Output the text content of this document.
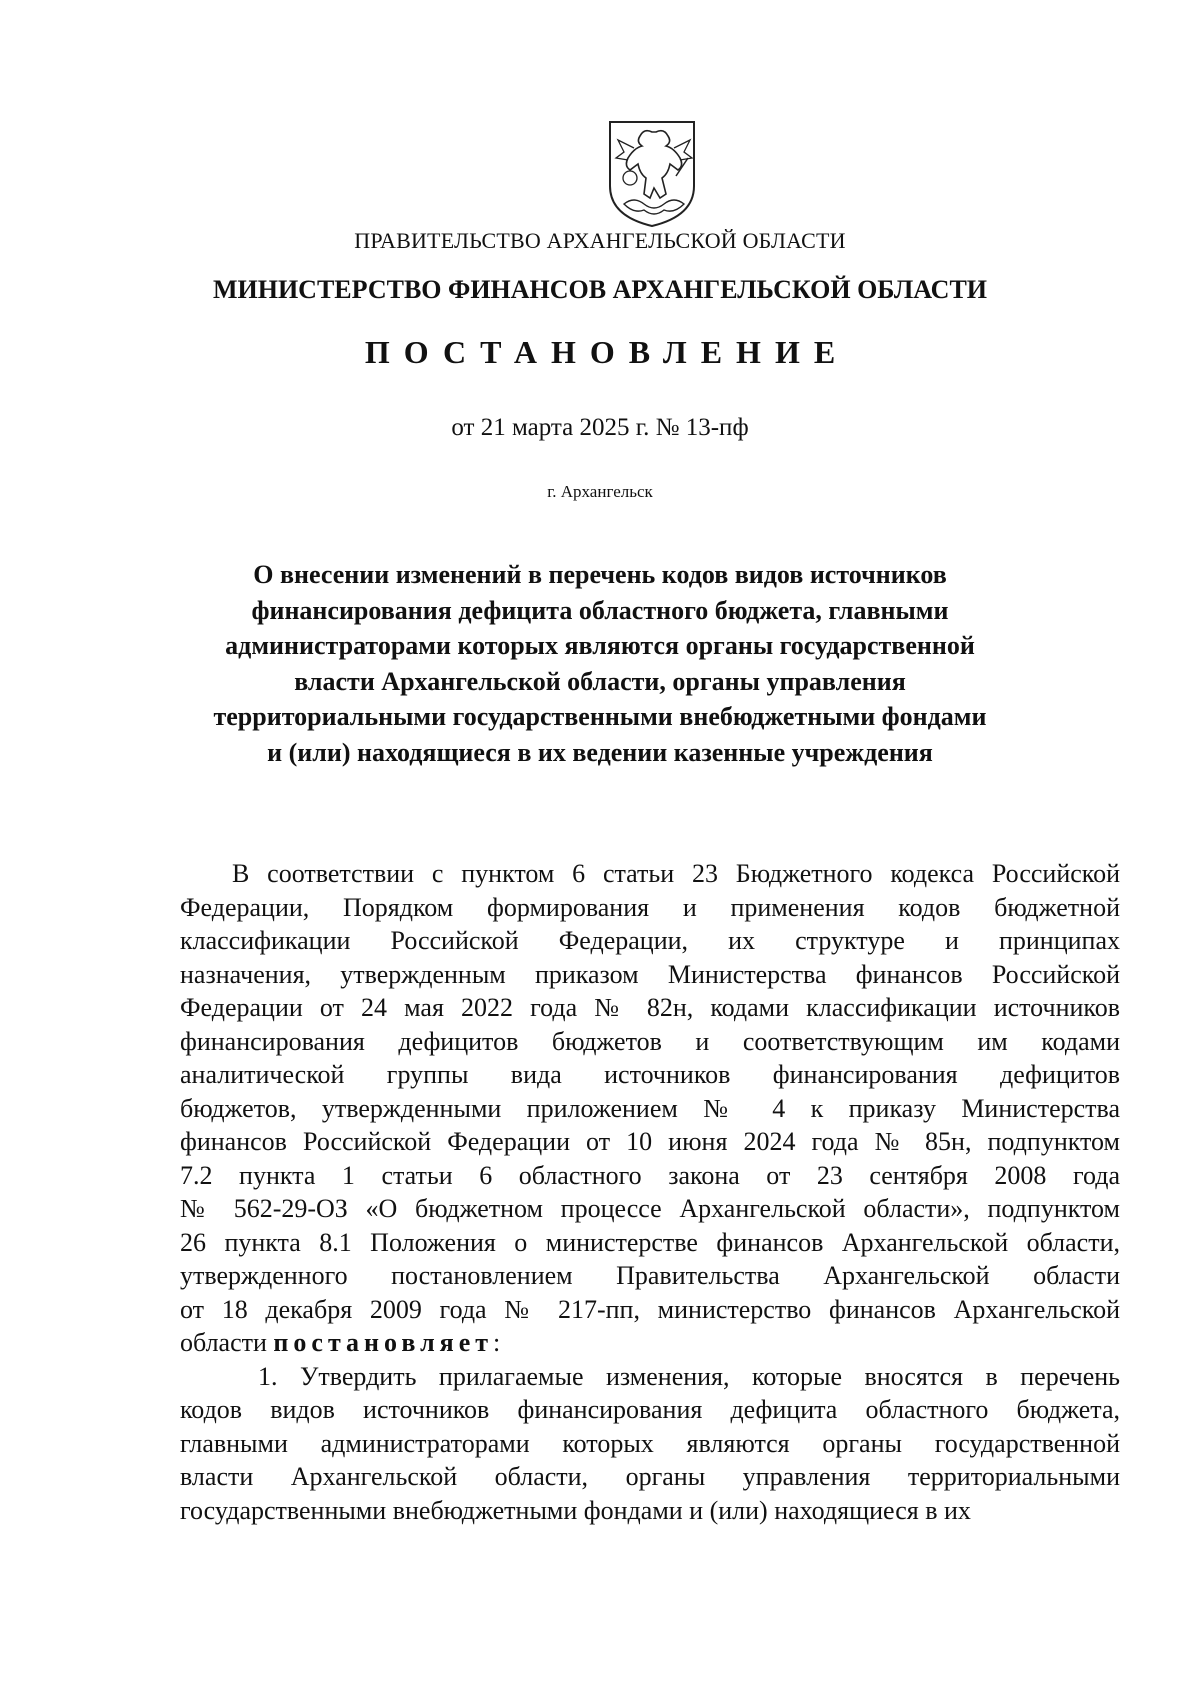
ПРАВИТЕЛЬСТВО АРХАНГЕЛЬСКОЙ ОБЛАСТИ
МИНИСТЕРСТВО ФИНАНСОВ АРХАНГЕЛЬСКОЙ ОБЛАСТИ
ПОСТАНОВЛЕНИЕ
от 21 марта 2025 г. № 13-пф
г. Архангельск
О внесении изменений в перечень кодов видов источников
финансирования дефицита областного бюджета, главными
администраторами которых являются органы государственной
власти Архангельской области, органы управления
территориальными государственными внебюджетными фондами
и (или) находящиеся в их ведении казенные учреждения
В соответствии с пунктом 6 статьи 23 Бюджетного кодекса Российской
Федерации, Порядком формирования и применения кодов бюджетной
классификации Российской Федерации, их структуре и принципах
назначения, утвержденным приказом Министерства финансов Российской
Федерации от 24 мая 2022 года № 82н, кодами классификации источников
финансирования дефицитов бюджетов и соответствующим им кодами
аналитической группы вида источников финансирования дефицитов
бюджетов, утвержденными приложением № 4 к приказу Министерства
финансов Российской Федерации от 10 июня 2024 года № 85н, подпунктом
7.2 пункта 1 статьи 6 областного закона от 23 сентября 2008 года
№ 562-29-ОЗ «О бюджетном процессе Архангельской области», подпунктом
26 пункта 8.1 Положения о министерстве финансов Архангельской области,
утвержденного постановлением Правительства Архангельской области
от 18 декабря 2009 года № 217-пп, министерство финансов Архангельской
области постановляет:
1. Утвердить прилагаемые изменения, которые вносятся в перечень
кодов видов источников финансирования дефицита областного бюджета,
главными администраторами которых являются органы государственной
власти Архангельской области, органы управления территориальными
государственными внебюджетными фондами и (или) находящиеся в их
